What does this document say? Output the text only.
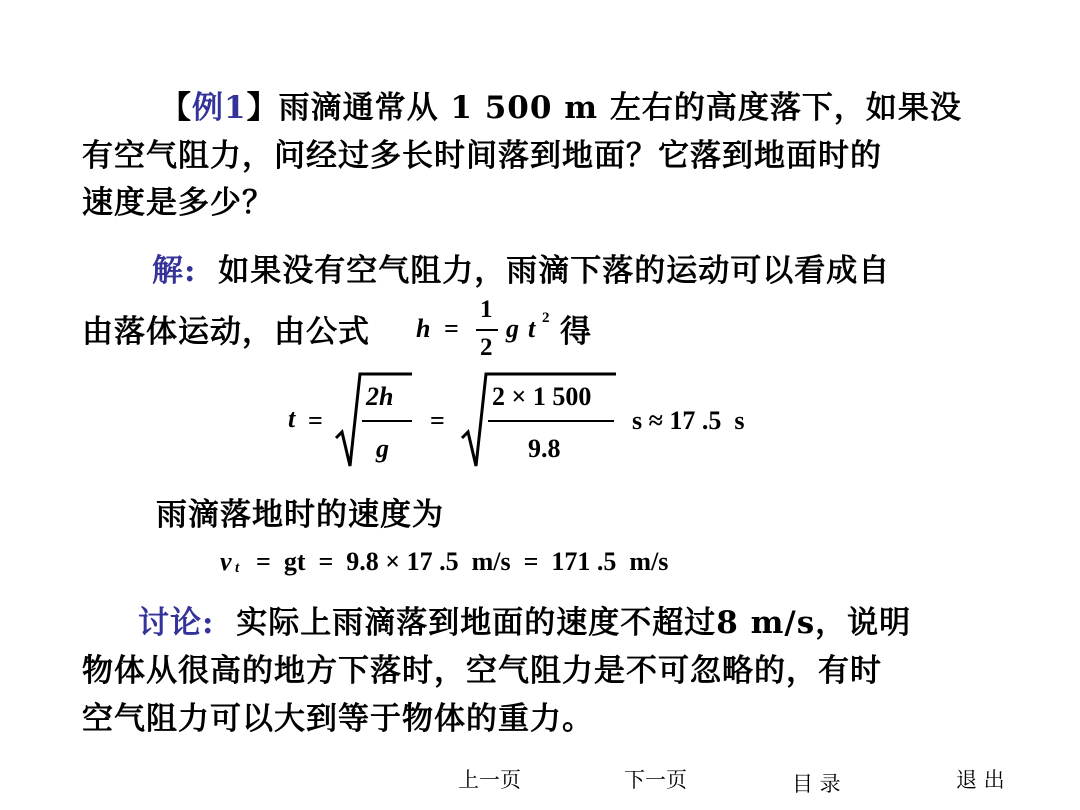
【例1】雨滴通常从 1 500 m 左右的高度落下，如果没
有空气阻力，问经过多长时间落到地面？它落到地面时的
速度是多少？
解: 如果没有空气阻力，雨滴下落的运动可以看成自
由落体运动，由公式 h =
1
2
g t 2 得
t =
2h
g
=
2 × 1 500
9.8
s ≈ 17 .5  s
雨滴落地时的速度为
v t =  gt  =  9.8 × 17 .5  m/s  =  171 .5  m/s
讨论: 实际上雨滴落到地面的速度不超过8 m/s，说明
物体从很高的地方下落时，空气阻力是不可忽略的，有时
空气阻力可以大到等于物体的重力。
上一页	下一页	目 录	退 出
